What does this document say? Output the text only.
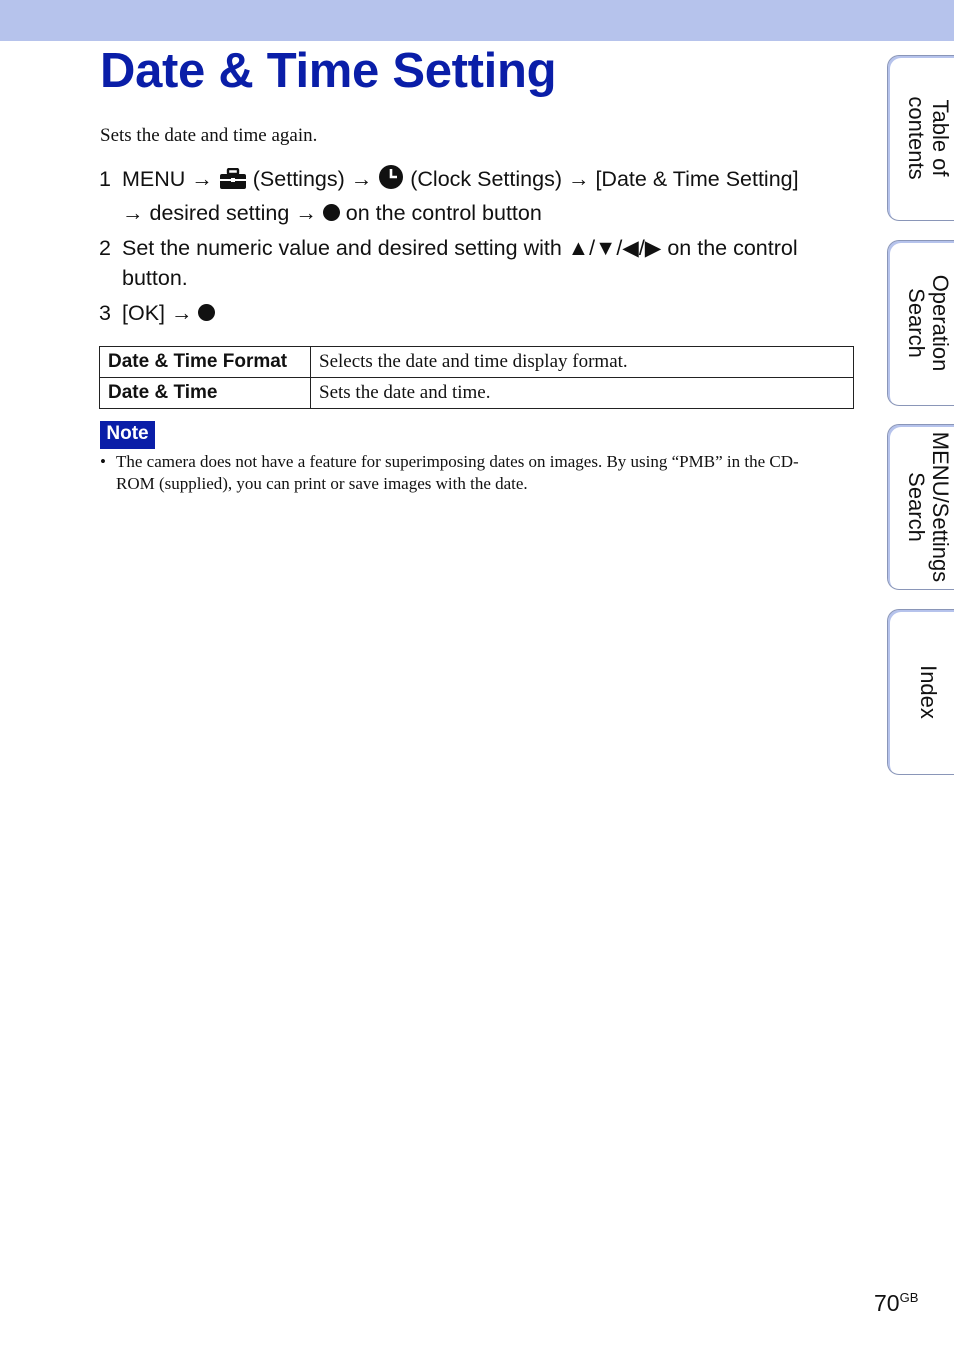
Date & Time Setting
Sets the date and time again.
1 MENU → (Settings) → (Clock Settings) → [Date & Time Setting]
→ desired setting → on the control button
2 Set the numeric value and desired setting with ▲/▼/◀/▶ on the control
button.
3 [OK] →
Date & Time Format	Selects the date and time display format.
Date & Time	Sets the date and time.
Note
• The camera does not have a feature for superimposing dates on images. By using “PMB” in the CD-ROM (supplied), you can print or save images with the date.
Table of contents
Operation Search
MENU/Settings Search
Index
$70^{GB}$
